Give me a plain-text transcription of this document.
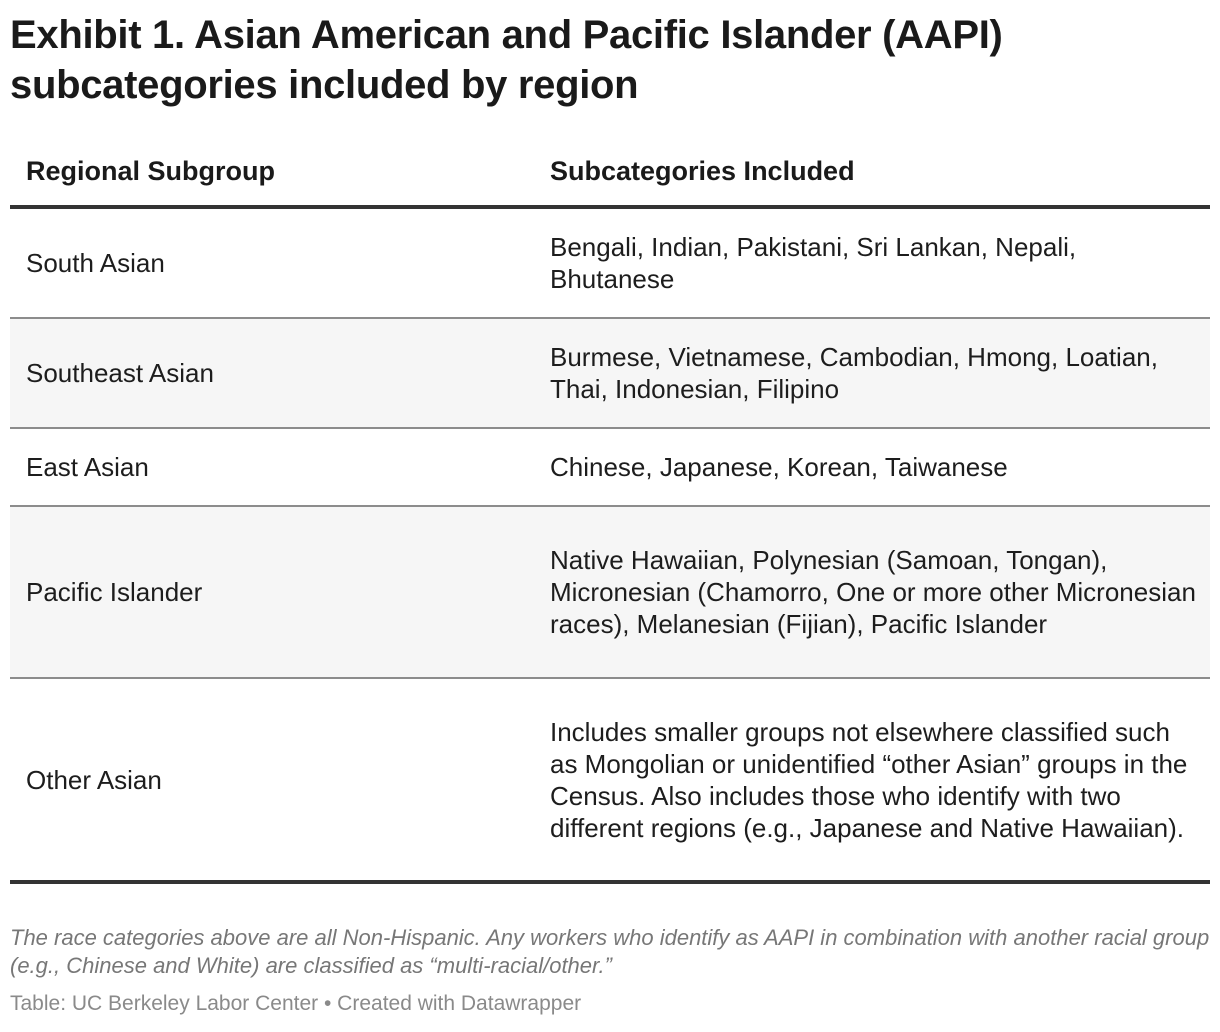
Exhibit 1. Asian American and Pacific Islander (AAPI) subcategories included by region
Regional Subgroup	Subcategories Included
South Asian	Bengali, Indian, Pakistani, Sri Lankan, Nepali, Bhutanese
Southeast Asian	Burmese, Vietnamese, Cambodian, Hmong, Loatian, Thai, Indonesian, Filipino
East Asian	Chinese, Japanese, Korean, Taiwanese
Pacific Islander	Native Hawaiian, Polynesian (Samoan, Tongan), Micronesian (Chamorro, One or more other Micronesian races), Melanesian (Fijian), Pacific Islander
Other Asian	Includes smaller groups not elsewhere classified such as Mongolian or unidentified “other Asian” groups in the Census. Also includes those who identify with two different regions (e.g., Japanese and Native Hawaiian).
The race categories above are all Non-Hispanic. Any workers who identify as AAPI in combination with another racial group (e.g., Chinese and White) are classified as “multi-racial/other.”
Table: UC Berkeley Labor Center • Created with Datawrapper
